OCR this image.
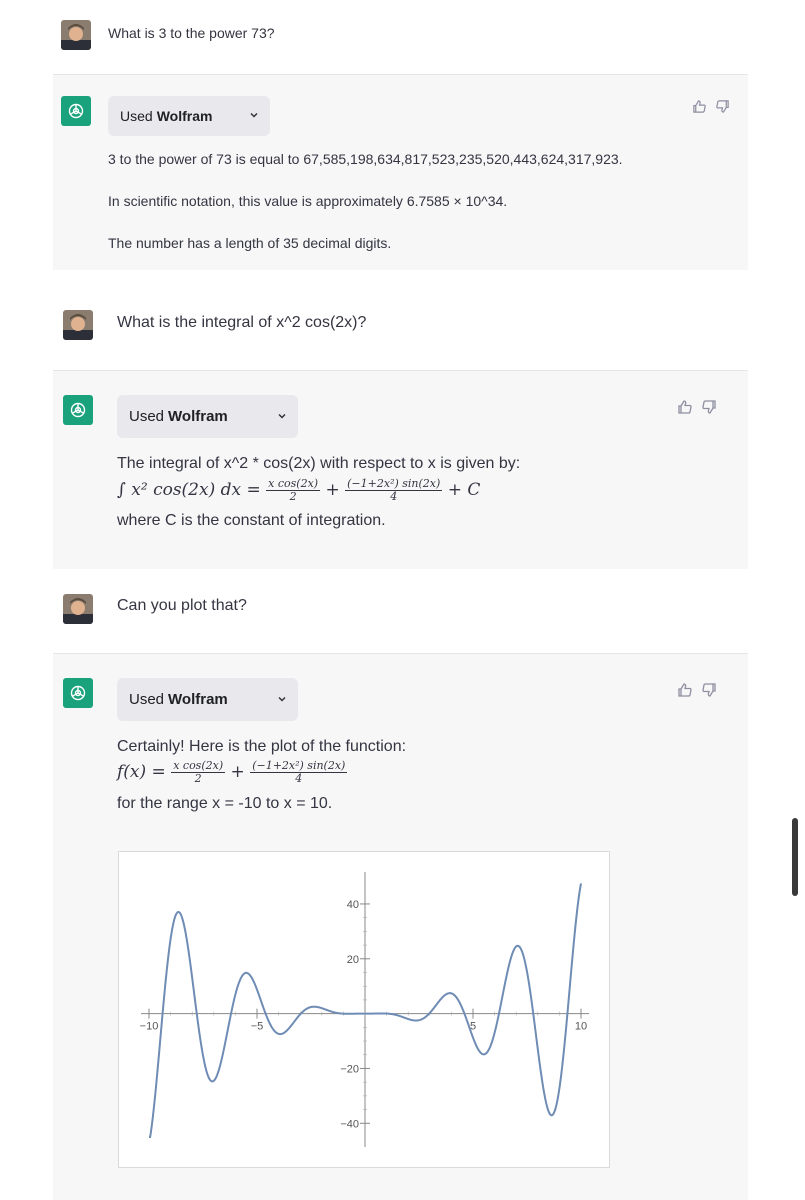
What is 3 to the power 73?
Used Wolfram
3 to the power of 73 is equal to 67,585,198,634,817,523,235,520,443,624,317,923.
In scientific notation, this value is approximately 6.7585 × 10^34.
The number has a length of 35 decimal digits.
What is the integral of x^2 cos(2x)?
Used Wolfram
The integral of x^2 * cos(2x) with respect to x is given by:
∫ x² cos(2x) dx = $\frac{\text{x cos(2x)}}{2} + \frac{\text{(−1+2x²) sin(2x)}}{4} + C$
where C is the constant of integration.
Can you plot that?
Used Wolfram
Certainly! Here is the plot of the function:
$f(x) = \frac{\text{x cos(2x)}}{2} + \frac{\text{(−1+2x²) sin(2x)}}{4}$
for the range x = -10 to x = 10.
−10	−5	5	10
40
20
−20
−40
